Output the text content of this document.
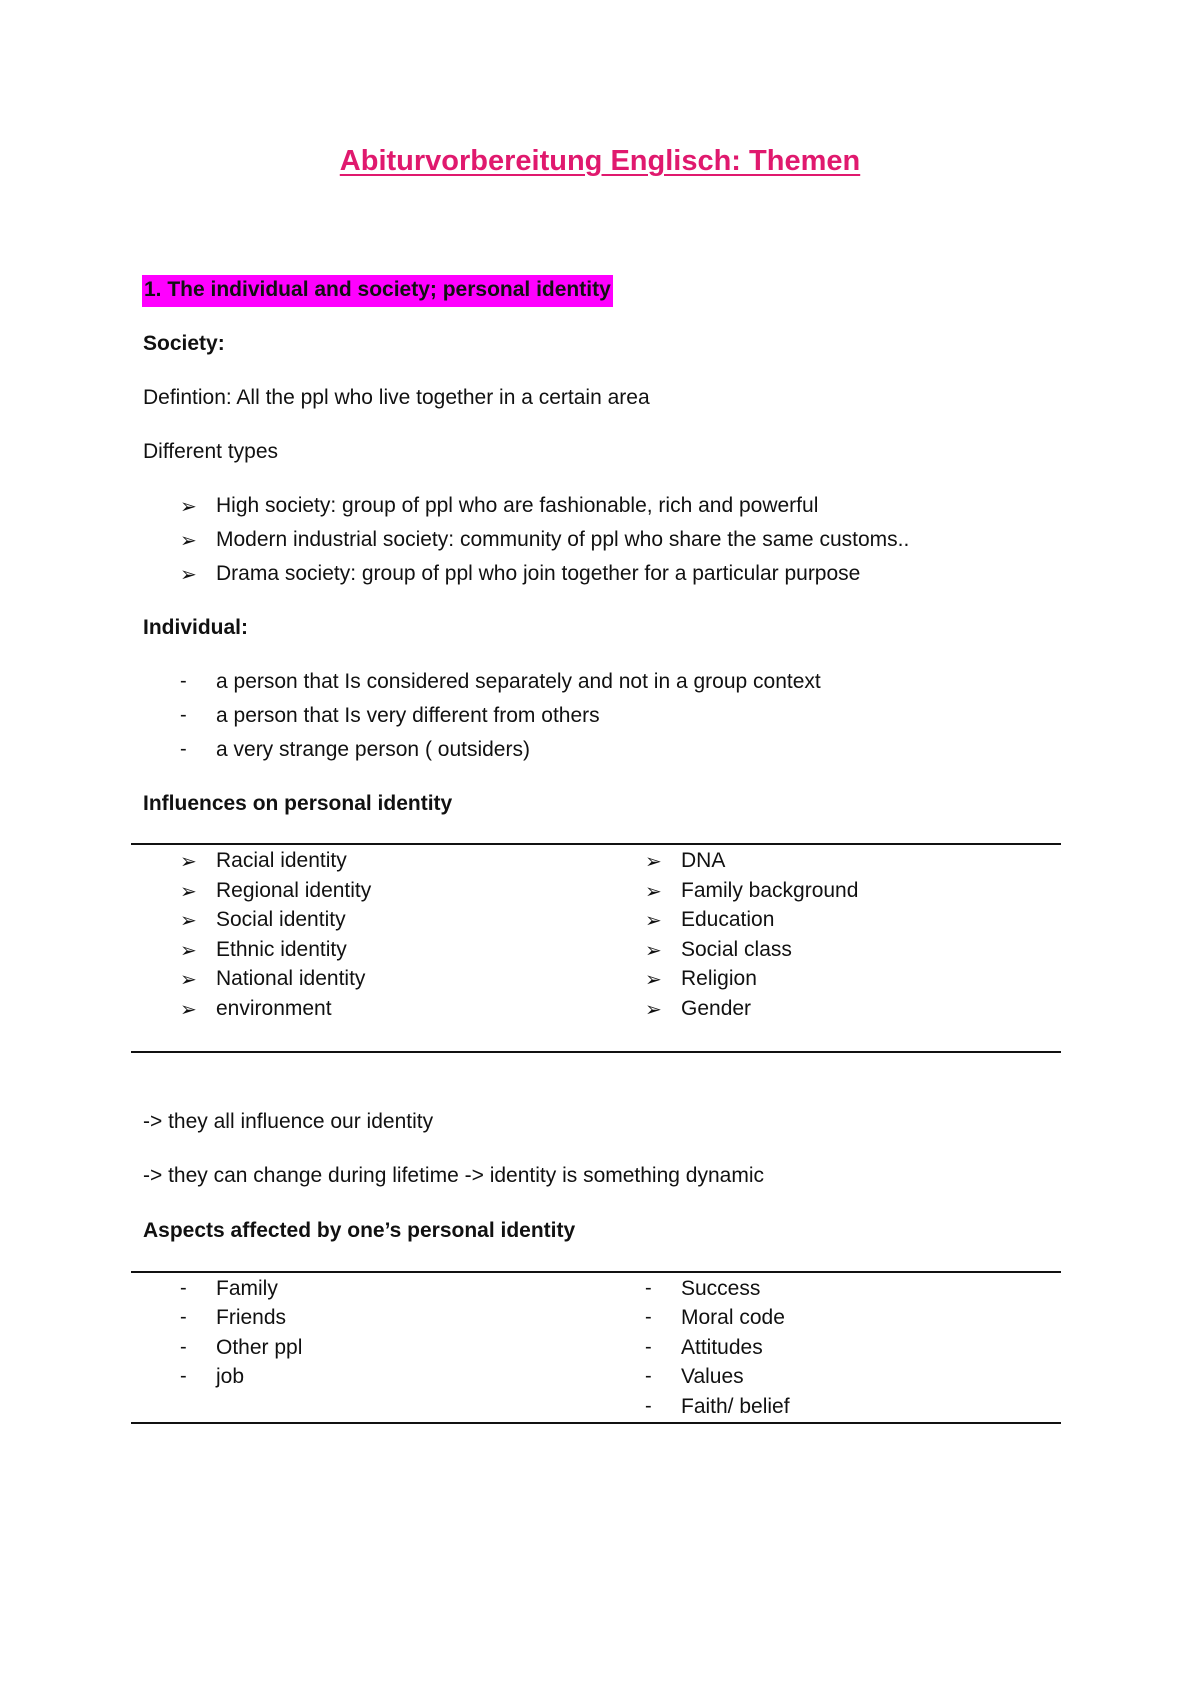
Abiturvorbereitung Englisch: Themen
1. The individual and society; personal identity
Society:
Defintion: All the ppl who live together in a certain area
Different types
➢ High society: group of ppl who are fashionable, rich and powerful
➢ Modern industrial society: community of ppl who share the same customs..
➢ Drama society: group of ppl who join together for a particular purpose
Individual:
- a person that Is considered separately and not in a group context
- a person that Is very different from others
- a very strange person ( outsiders)
Influences on personal identity
➢ Racial identity
➢ Regional identity
➢ Social identity
➢ Ethnic identity
➢ National identity
➢ environment
➢ DNA
➢ Family background
➢ Education
➢ Social class
➢ Religion
➢ Gender
-> they all influence our identity
-> they can change during lifetime -> identity is something dynamic
Aspects affected by one’s personal identity
- Family
- Friends
- Other ppl
- job
- Success
- Moral code
- Attitudes
- Values
- Faith/ belief
